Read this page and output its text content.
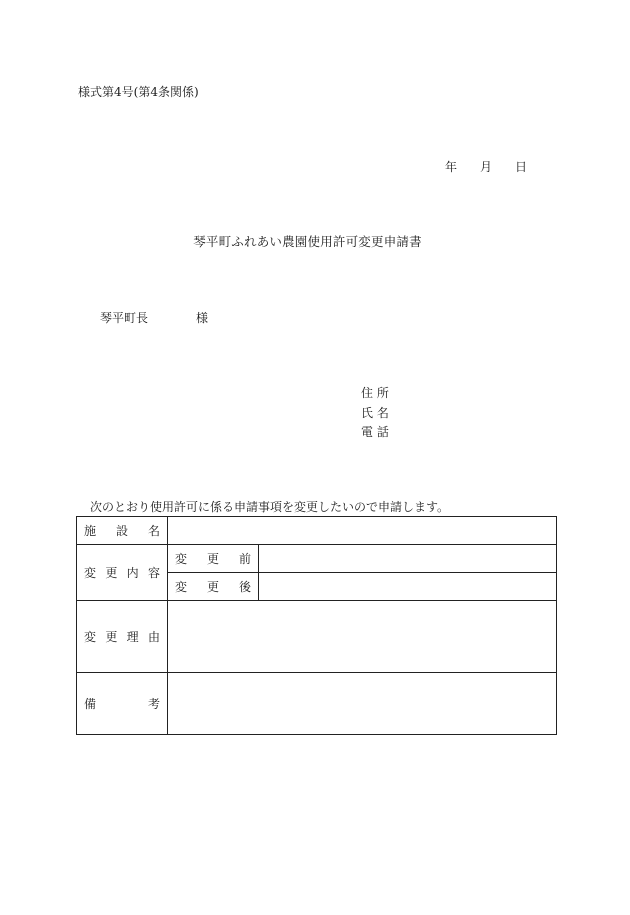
様式第4号(第4条関係)
年 月 日
琴平町ふれあい農園使用許可変更申請書
琴平町長	様
住 所
氏 名
電 話
次のとおり使用許可に係る申請事項を変更したいので申請します。
施 設 名		

変 更 内 容	変 更 前	

	変 更 後	

変 更 理 由		

備 考		
